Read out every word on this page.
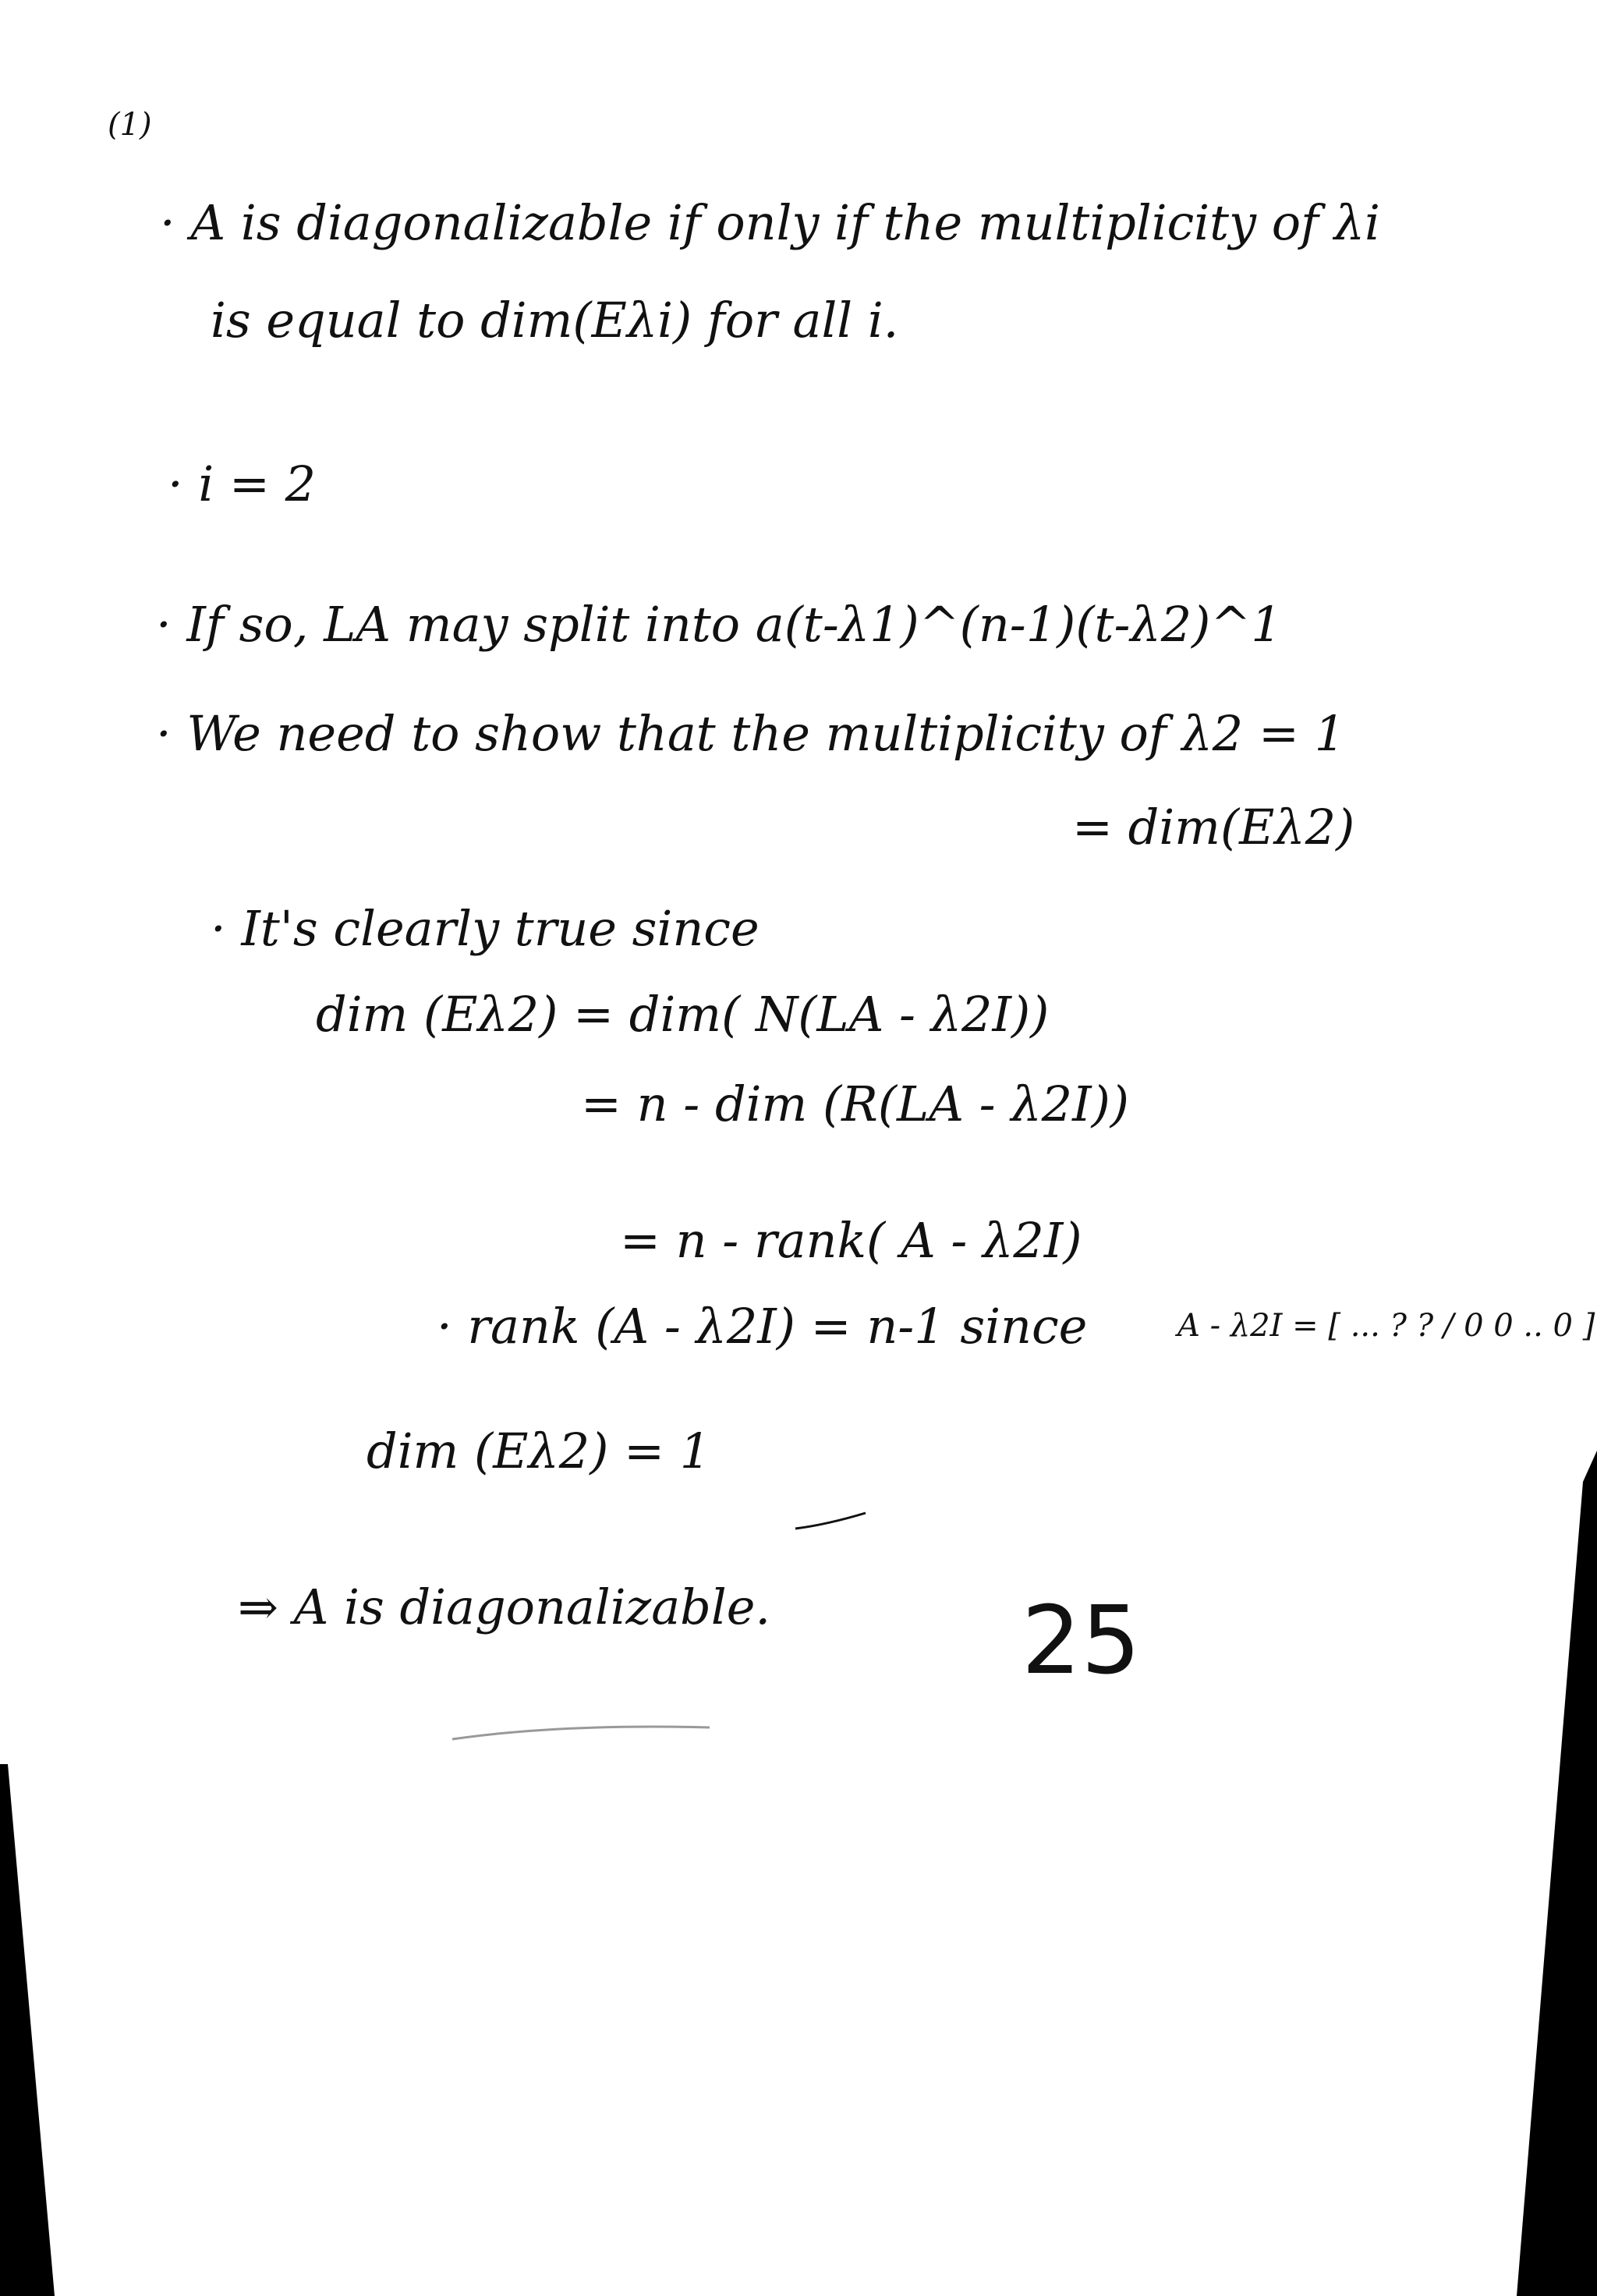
(1)
· A is diagonalizable if only if the multiplicity of λi
is equal to dim(Eλi) for all i.
· i = 2
· If so, LA may split into a(t-λ1)^(n-1)(t-λ2)^1
· We need to show that the multiplicity of λ2 = 1
= dim(Eλ2)
· It's clearly true since
dim (Eλ2) = dim( N(LA - λ2I))
= n - dim (R(LA - λ2I))
= n - rank( A - λ2I)
· rank (A - λ2I) = n-1 since	A - λ2I = [ ... ? ? / 0 0 .. 0 ]
dim (Eλ2) = 1
⇒ A is diagonalizable.	25
